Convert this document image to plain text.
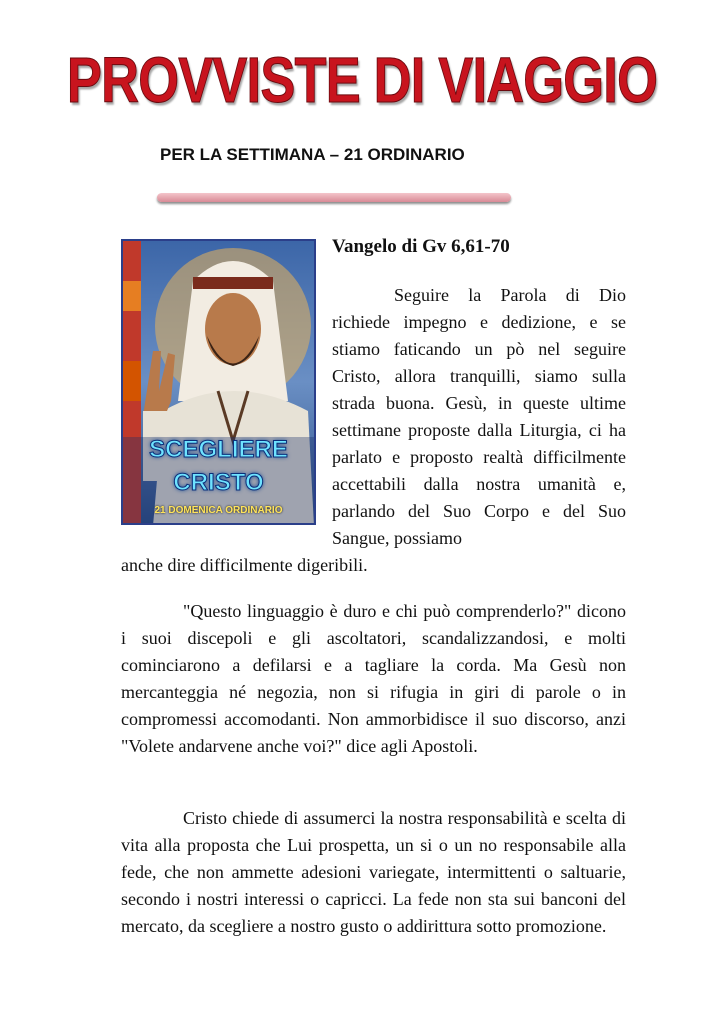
PROVVISTE DI VIAGGIO
PER LA SETTIMANA – 21 ORDINARIO
SCEGLIERE
CRISTO
21 DOMENICA ORDINARIO
Vangelo di Gv 6,61-70
Seguire la Parola di Dio richiede impegno e dedizione, e se stiamo faticando un pò nel seguire Cristo, allora tranquilli, siamo sulla strada buona. Gesù, in queste ultime settimane proposte dalla Liturgia, ci ha parlato e proposto realtà difficilmente accettabili dalla nostra umanità e, parlando del Suo Corpo e del Suo Sangue, possiamo
anche dire difficilmente digeribili.
"Questo linguaggio è duro e chi può comprenderlo?" dicono i suoi discepoli e gli ascoltatori, scandalizzandosi, e molti cominciarono a defilarsi e a tagliare la corda. Ma Gesù non mercanteggia né negozia, non si rifugia in giri di parole o in compromessi accomodanti. Non ammorbidisce il suo discorso, anzi "Volete andarvene anche voi?" dice agli Apostoli.
Cristo chiede di assumerci la nostra responsabilità e scelta di vita alla proposta che Lui prospetta, un si o un no responsabile alla fede, che non ammette adesioni variegate, intermittenti o saltuarie, secondo i nostri interessi o capricci. La fede non sta sui banconi del mercato, da scegliere a nostro gusto o addirittura sotto promozione.
